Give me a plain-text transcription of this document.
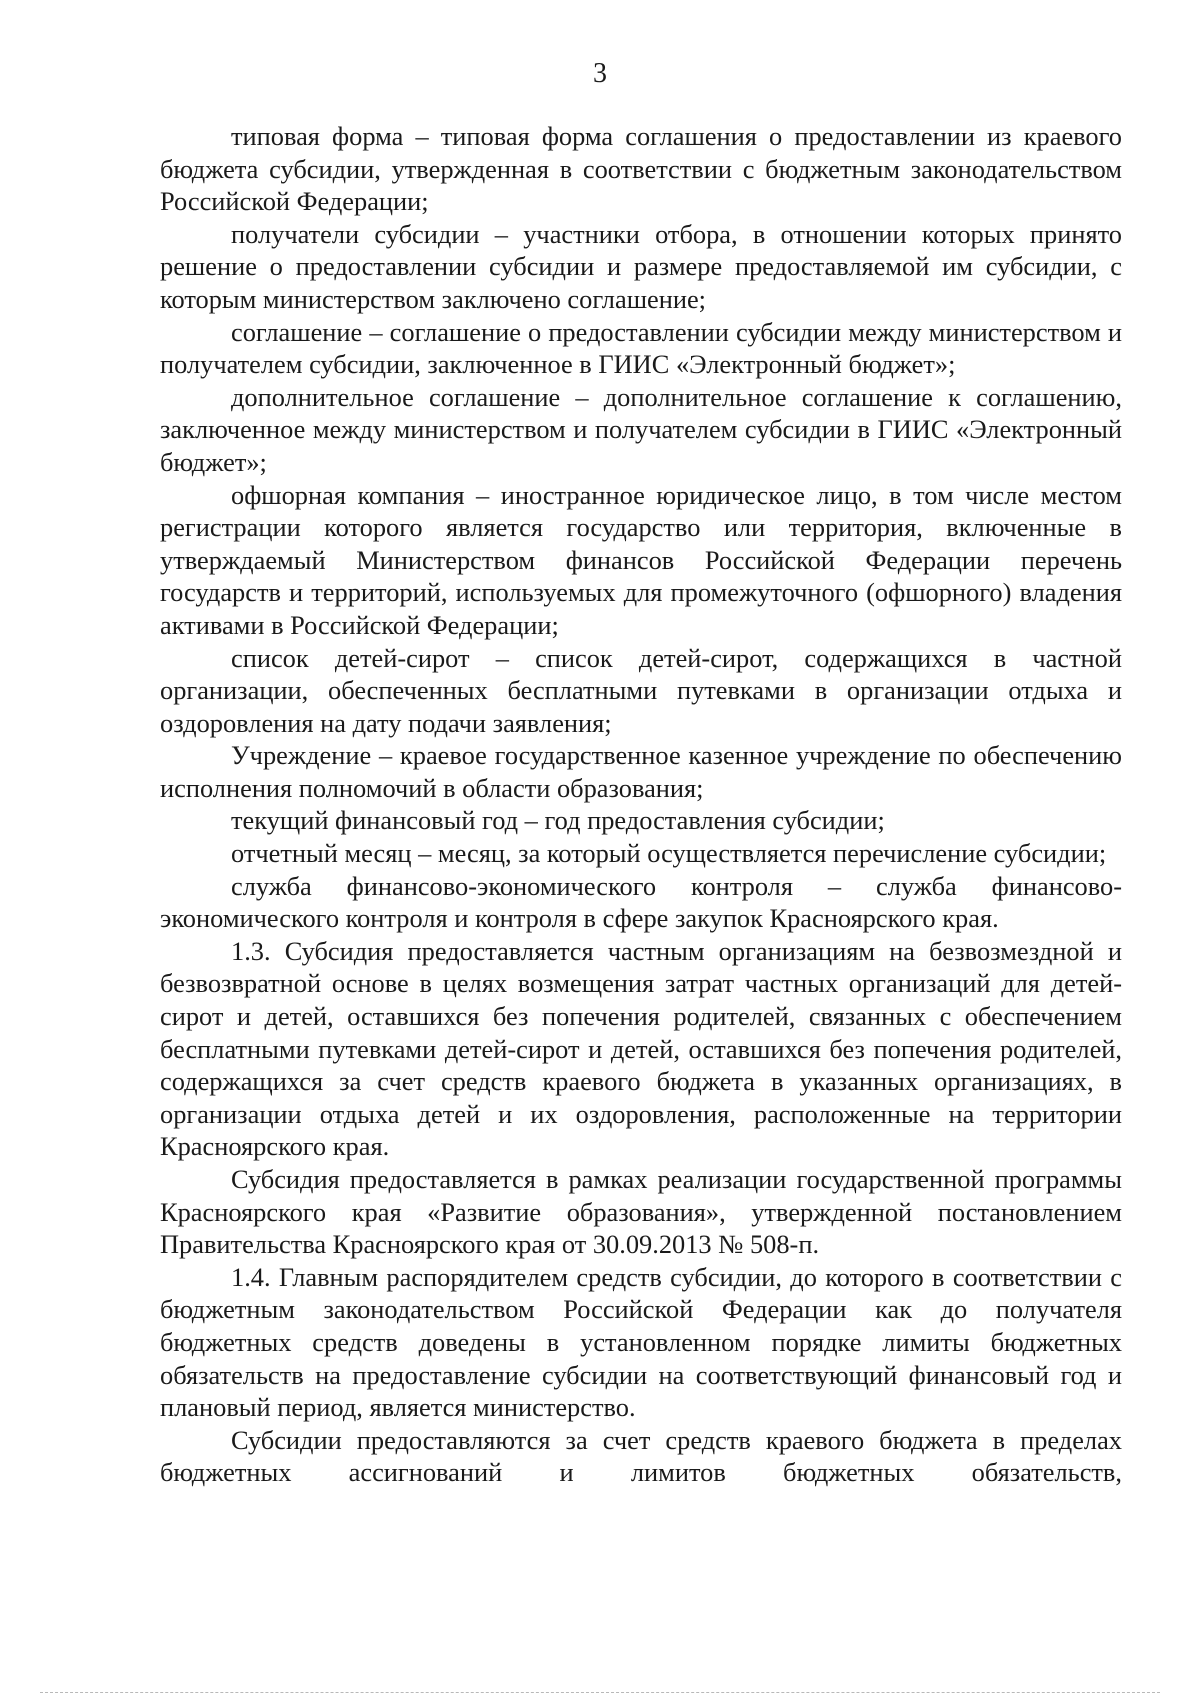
3

типовая форма – типовая форма соглашения о предоставлении из краевого бюджета субсидии, утвержденная в соответствии с бюджетным законодательством Российской Федерации;

получатели субсидии – участники отбора, в отношении которых принято решение о предоставлении субсидии и размере предоставляемой им субсидии, с которым министерством заключено соглашение;

соглашение – соглашение о предоставлении субсидии между министерством и получателем субсидии, заключенное в ГИИС «Электронный бюджет»;

дополнительное соглашение – дополнительное соглашение к соглашению, заключенное между министерством и получателем субсидии в ГИИС «Электронный бюджет»;

офшорная компания – иностранное юридическое лицо, в том числе местом регистрации которого является государство или территория, включенные в утверждаемый Министерством финансов Российской Федерации перечень государств и территорий, используемых для промежуточного (офшорного) владения активами в Российской Федерации;

список детей-сирот – список детей-сирот, содержащихся в частной организации, обеспеченных бесплатными путевками в организации отдыха и оздоровления на дату подачи заявления;

Учреждение – краевое государственное казенное учреждение по обеспечению исполнения полномочий в области образования;

текущий финансовый год – год предоставления субсидии;

отчетный месяц – месяц, за который осуществляется перечисление субсидии;

служба финансово-экономического контроля – служба финансово-экономического контроля и контроля в сфере закупок Красноярского края.

1.3. Субсидия предоставляется частным организациям на безвозмездной и безвозвратной основе в целях возмещения затрат частных организаций для детей-сирот и детей, оставшихся без попечения родителей, связанных с обеспечением бесплатными путевками детей-сирот и детей, оставшихся без попечения родителей, содержащихся за счет средств краевого бюджета в указанных организациях, в организации отдыха детей и их оздоровления, расположенные на территории Красноярского края.

Субсидия предоставляется в рамках реализации государственной программы Красноярского края «Развитие образования», утвержденной постановлением Правительства Красноярского края от 30.09.2013 № 508-п.

1.4. Главным распорядителем средств субсидии, до которого в соответствии с бюджетным законодательством Российской Федерации как до получателя бюджетных средств доведены в установленном порядке лимиты бюджетных обязательств на предоставление субсидии на соответствующий финансовый год и плановый период, является министерство.

Субсидии предоставляются за счет средств краевого бюджета в пределах бюджетных ассигнований и лимитов бюджетных обязательств,
